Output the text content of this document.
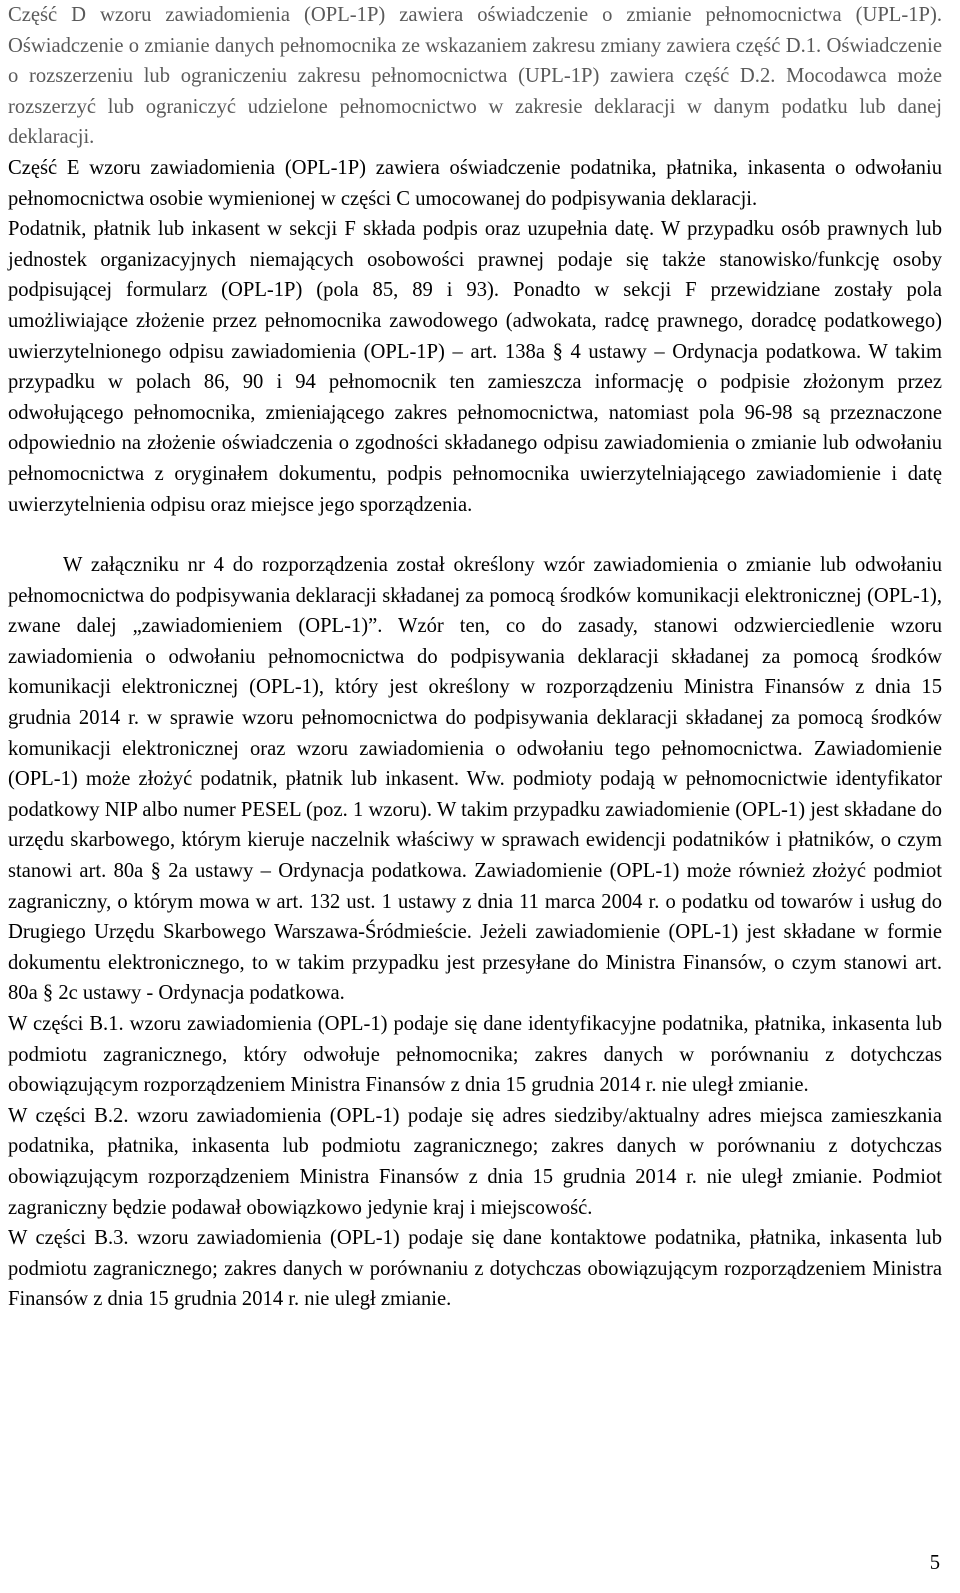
Część D wzoru zawiadomienia (OPL-1P) zawiera oświadczenie o zmianie pełnomocnictwa (UPL-1P). Oświadczenie o zmianie danych pełnomocnika ze wskazaniem zakresu zmiany zawiera część D.1. Oświadczenie o rozszerzeniu lub ograniczeniu zakresu pełnomocnictwa (UPL-1P) zawiera część D.2. Mocodawca może rozszerzyć lub ograniczyć udzielone pełnomocnictwo w zakresie deklaracji w danym podatku lub danej deklaracji.

Część E wzoru zawiadomienia (OPL-1P) zawiera oświadczenie podatnika, płatnika, inkasenta o odwołaniu pełnomocnictwa osobie wymienionej w części C umocowanej do podpisywania deklaracji.

Podatnik, płatnik lub inkasent w sekcji F składa podpis oraz uzupełnia datę. W przypadku osób prawnych lub jednostek organizacyjnych niemających osobowości prawnej podaje się także stanowisko/funkcję osoby podpisującej formularz (OPL-1P) (pola 85, 89 i 93). Ponadto w sekcji F przewidziane zostały pola umożliwiające złożenie przez pełnomocnika zawodowego (adwokata, radcę prawnego, doradcę podatkowego) uwierzytelnionego odpisu zawiadomienia (OPL-1P) – art. 138a § 4 ustawy – Ordynacja podatkowa. W takim przypadku w polach 86, 90 i 94 pełnomocnik ten zamieszcza informację o podpisie złożonym przez odwołującego pełnomocnika, zmieniającego zakres pełnomocnictwa, natomiast pola 96-98 są przeznaczone odpowiednio na złożenie oświadczenia o zgodności składanego odpisu zawiadomienia o zmianie lub odwołaniu pełnomocnictwa z oryginałem dokumentu, podpis pełnomocnika uwierzytelniającego zawiadomienie i datę uwierzytelnienia odpisu oraz miejsce jego sporządzenia.

W załączniku nr 4 do rozporządzenia został określony wzór zawiadomienia o zmianie lub odwołaniu pełnomocnictwa do podpisywania deklaracji składanej za pomocą środków komunikacji elektronicznej (OPL-1), zwane dalej „zawiadomieniem (OPL-1)”. Wzór ten, co do zasady, stanowi odzwierciedlenie wzoru zawiadomienia o odwołaniu pełnomocnictwa do podpisywania deklaracji składanej za pomocą środków komunikacji elektronicznej (OPL-1), który jest określony w rozporządzeniu Ministra Finansów z dnia 15 grudnia 2014 r. w sprawie wzoru pełnomocnictwa do podpisywania deklaracji składanej za pomocą środków komunikacji elektronicznej oraz wzoru zawiadomienia o odwołaniu tego pełnomocnictwa. Zawiadomienie (OPL-1) może złożyć podatnik, płatnik lub inkasent. Ww. podmioty podają w pełnomocnictwie identyfikator podatkowy NIP albo numer PESEL (poz. 1 wzoru). W takim przypadku zawiadomienie (OPL-1) jest składane do urzędu skarbowego, którym kieruje naczelnik właściwy w sprawach ewidencji podatników i płatników, o czym stanowi art. 80a § 2a ustawy – Ordynacja podatkowa. Zawiadomienie (OPL-1) może również złożyć podmiot zagraniczny, o którym mowa w art. 132 ust. 1 ustawy z dnia 11 marca 2004 r. o podatku od towarów i usług do Drugiego Urzędu Skarbowego Warszawa-Śródmieście. Jeżeli zawiadomienie (OPL-1) jest składane w formie dokumentu elektronicznego, to w takim przypadku jest przesyłane do Ministra Finansów, o czym stanowi art. 80a § 2c ustawy - Ordynacja podatkowa.

W części B.1. wzoru zawiadomienia (OPL-1) podaje się dane identyfikacyjne podatnika, płatnika, inkasenta lub podmiotu zagranicznego, który odwołuje pełnomocnika; zakres danych w porównaniu z dotychczas obowiązującym rozporządzeniem Ministra Finansów z dnia 15 grudnia 2014 r. nie uległ zmianie.

W części B.2. wzoru zawiadomienia (OPL-1) podaje się adres siedziby/aktualny adres miejsca zamieszkania podatnika, płatnika, inkasenta lub podmiotu zagranicznego; zakres danych w porównaniu z dotychczas obowiązującym rozporządzeniem Ministra Finansów z dnia 15 grudnia 2014 r. nie uległ zmianie. Podmiot zagraniczny będzie podawał obowiązkowo jedynie kraj i miejscowość.

W części B.3. wzoru zawiadomienia (OPL-1) podaje się dane kontaktowe podatnika, płatnika, inkasenta lub podmiotu zagranicznego; zakres danych w porównaniu z dotychczas obowiązującym rozporządzeniem Ministra Finansów z dnia 15 grudnia 2014 r. nie uległ zmianie.

5
